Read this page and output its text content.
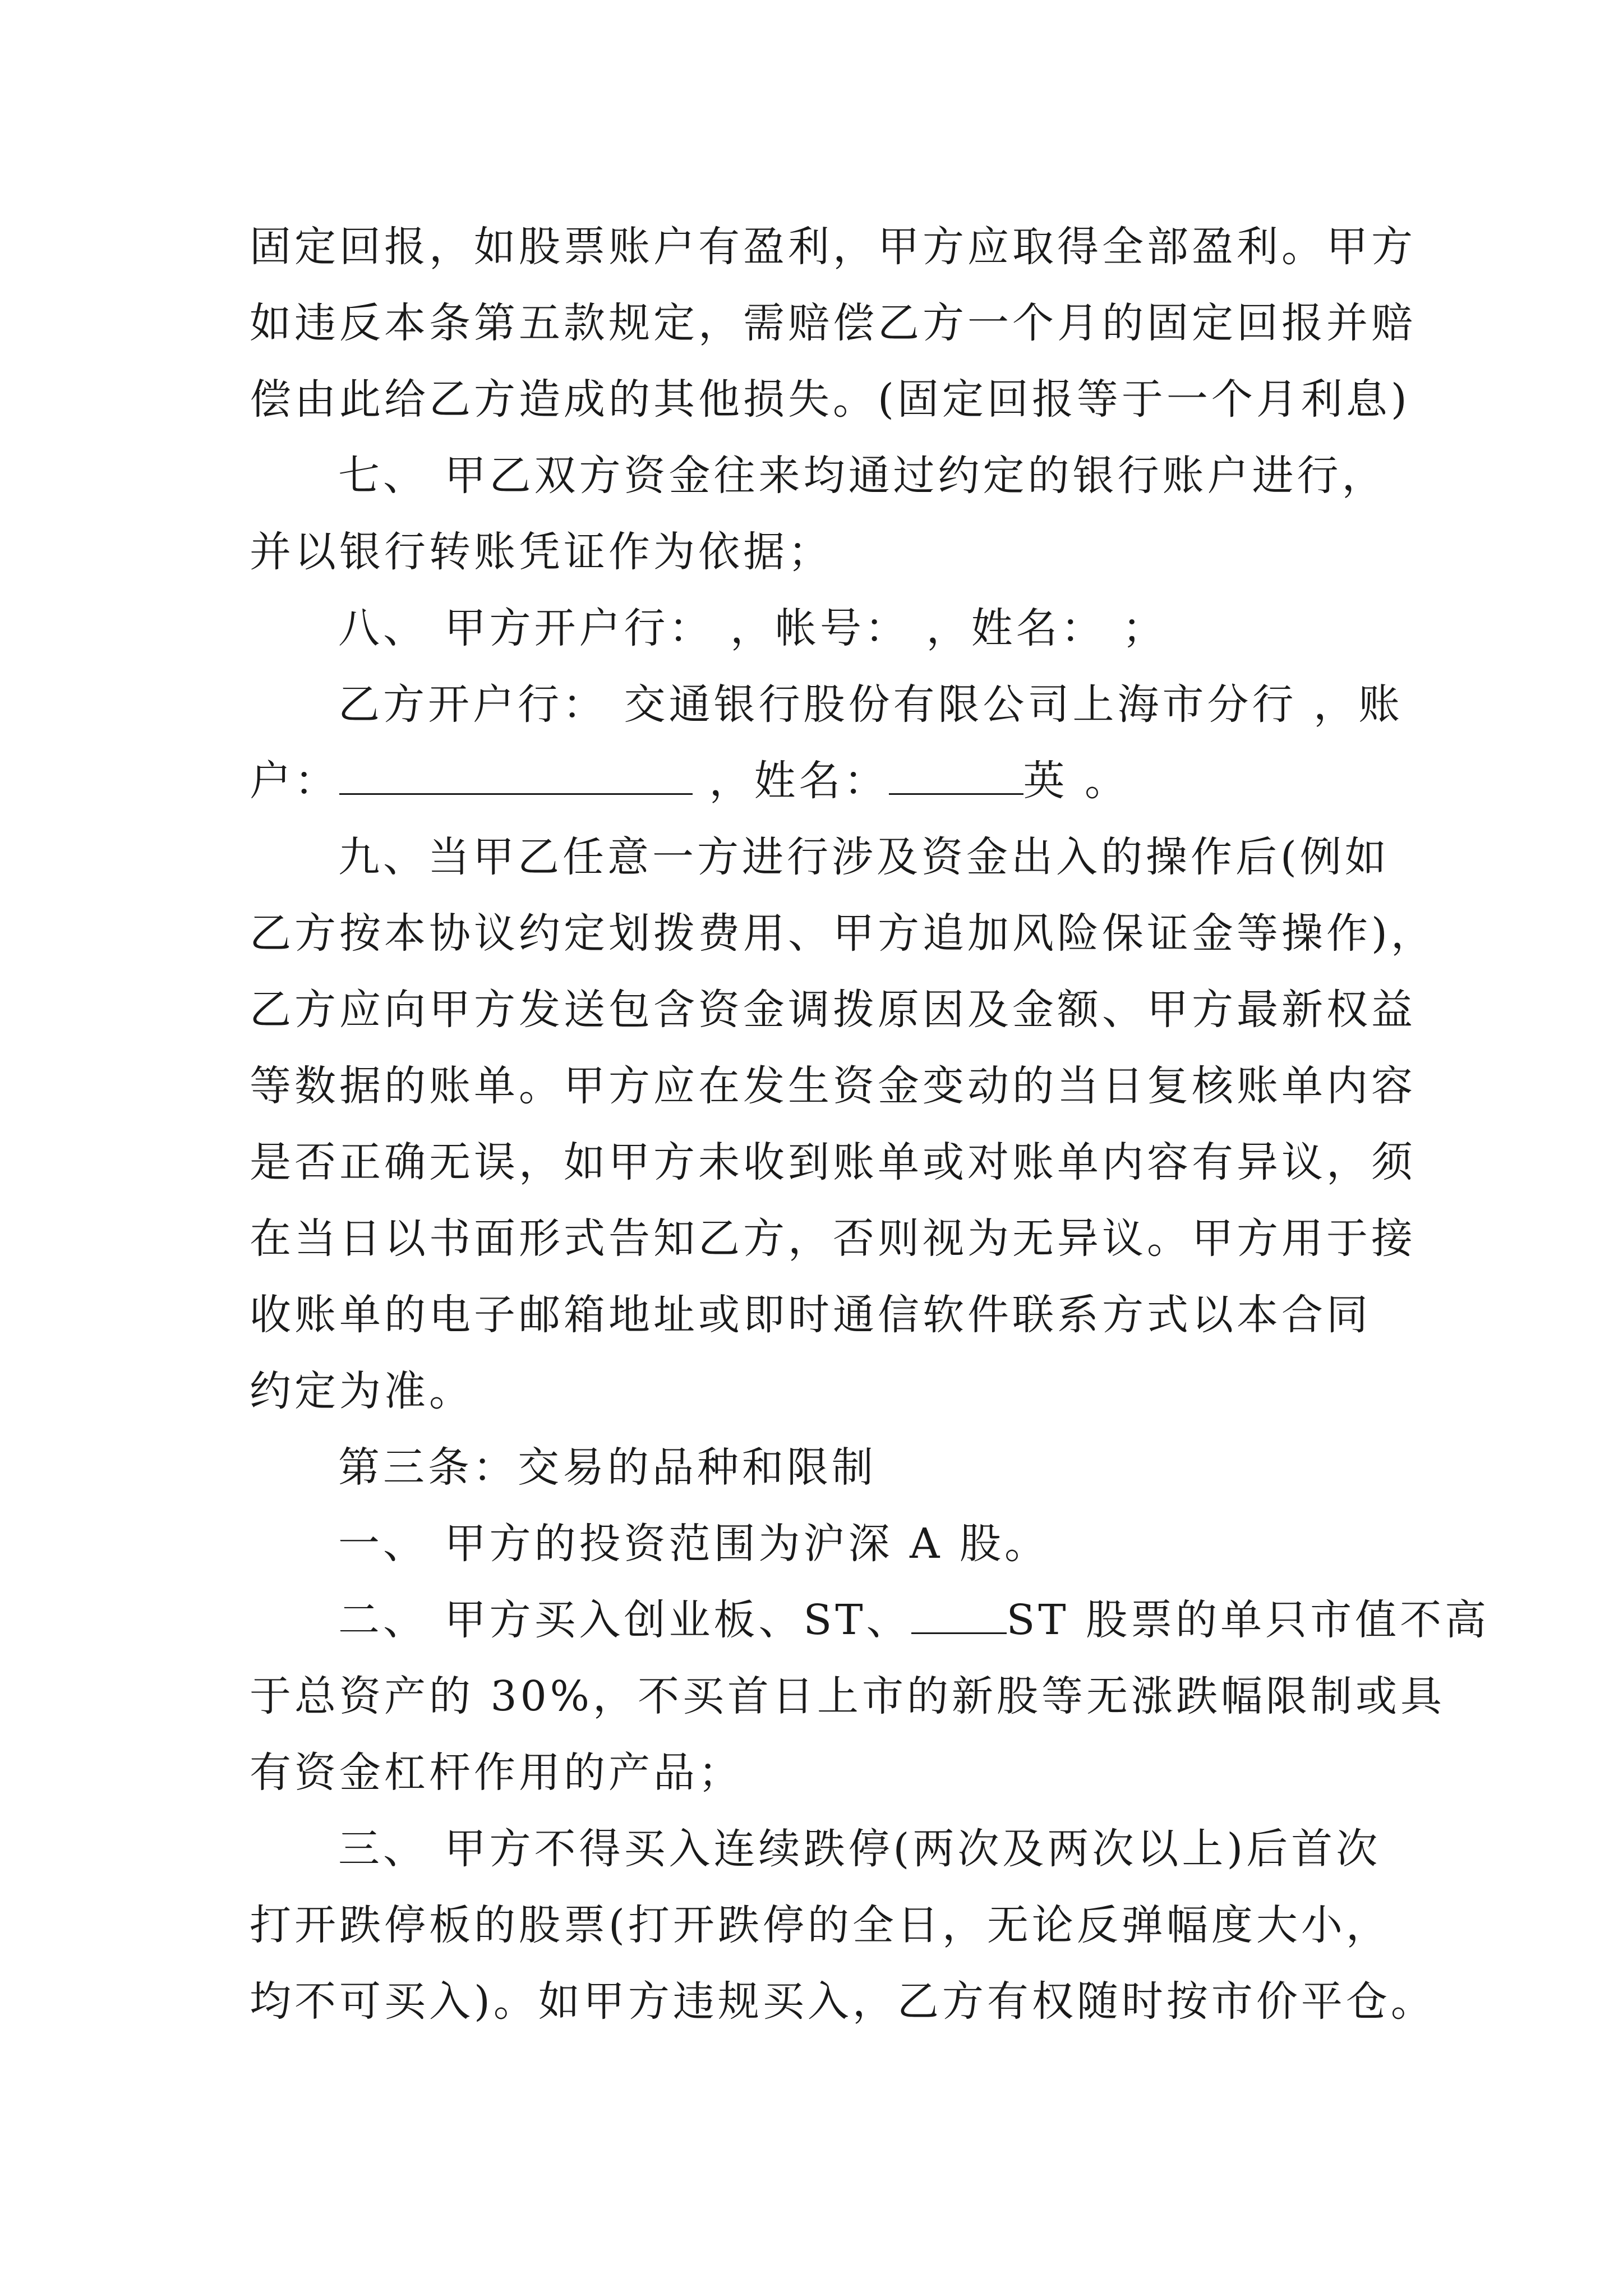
固定回报，如股票账户有盈利，甲方应取得全部盈利。甲方
如违反本条第五款规定，需赔偿乙方一个月的固定回报并赔
偿由此给乙方造成的其他损失。(固定回报等于一个月利息)
七、 甲乙双方资金往来均通过约定的银行账户进行，
并以银行转账凭证作为依据；
八、 甲方开户行： ，帐号： ，姓名： ；
乙方开户行： 交通银行股份有限公司上海市分行 ，账
户：	，姓名：	英 。
九、当甲乙任意一方进行涉及资金出入的操作后(例如
乙方按本协议约定划拨费用、甲方追加风险保证金等操作)，
乙方应向甲方发送包含资金调拨原因及金额、甲方最新权益
等数据的账单。甲方应在发生资金变动的当日复核账单内容
是否正确无误，如甲方未收到账单或对账单内容有异议，须
在当日以书面形式告知乙方，否则视为无异议。甲方用于接
收账单的电子邮箱地址或即时通信软件联系方式以本合同
约定为准。
第三条：交易的品种和限制
一、 甲方的投资范围为沪深 A 股。
二、 甲方买入创业板、ST、 ST 股票的单只市值不高
于总资产的 30%，不买首日上市的新股等无涨跌幅限制或具
有资金杠杆作用的产品；
三、 甲方不得买入连续跌停(两次及两次以上)后首次
打开跌停板的股票(打开跌停的全日，无论反弹幅度大小，
均不可买入)。如甲方违规买入，乙方有权随时按市价平仓。
